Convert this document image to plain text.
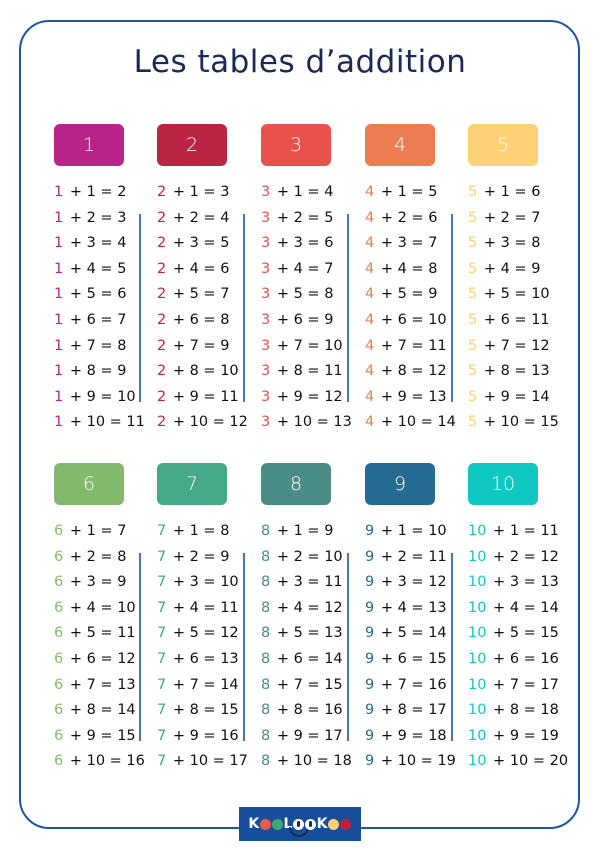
Les tables d’addition
1
1 + 1 = 2
1 + 2 = 3
1 + 3 = 4
1 + 4 = 5
1 + 5 = 6
1 + 6 = 7
1 + 7 = 8
1 + 8 = 9
1 + 9 = 10
1 + 10 = 11
2
2 + 1 = 3
2 + 2 = 4
2 + 3 = 5
2 + 4 = 6
2 + 5 = 7
2 + 6 = 8
2 + 7 = 9
2 + 8 = 10
2 + 9 = 11
2 + 10 = 12
3
3 + 1 = 4
3 + 2 = 5
3 + 3 = 6
3 + 4 = 7
3 + 5 = 8
3 + 6 = 9
3 + 7 = 10
3 + 8 = 11
3 + 9 = 12
3 + 10 = 13
4
4 + 1 = 5
4 + 2 = 6
4 + 3 = 7
4 + 4 = 8
4 + 5 = 9
4 + 6 = 10
4 + 7 = 11
4 + 8 = 12
4 + 9 = 13
4 + 10 = 14
5
5 + 1 = 6
5 + 2 = 7
5 + 3 = 8
5 + 4 = 9
5 + 5 = 10
5 + 6 = 11
5 + 7 = 12
5 + 8 = 13
5 + 9 = 14
5 + 10 = 15
6
6 + 1 = 7
6 + 2 = 8
6 + 3 = 9
6 + 4 = 10
6 + 5 = 11
6 + 6 = 12
6 + 7 = 13
6 + 8 = 14
6 + 9 = 15
6 + 10 = 16
7
7 + 1 = 8
7 + 2 = 9
7 + 3 = 10
7 + 4 = 11
7 + 5 = 12
7 + 6 = 13
7 + 7 = 14
7 + 8 = 15
7 + 9 = 16
7 + 10 = 17
8
8 + 1 = 9
8 + 2 = 10
8 + 3 = 11
8 + 4 = 12
8 + 5 = 13
8 + 6 = 14
8 + 7 = 15
8 + 8 = 16
8 + 9 = 17
8 + 10 = 18
9
9 + 1 = 10
9 + 2 = 11
9 + 3 = 12
9 + 4 = 13
9 + 5 = 14
9 + 6 = 15
9 + 7 = 16
9 + 8 = 17
9 + 9 = 18
9 + 10 = 19
10
10 + 1 = 11
10 + 2 = 12
10 + 3 = 13
10 + 4 = 14
10 + 5 = 15
10 + 6 = 16
10 + 7 = 17
10 + 8 = 18
10 + 9 = 19
10 + 10 = 20
K L K
